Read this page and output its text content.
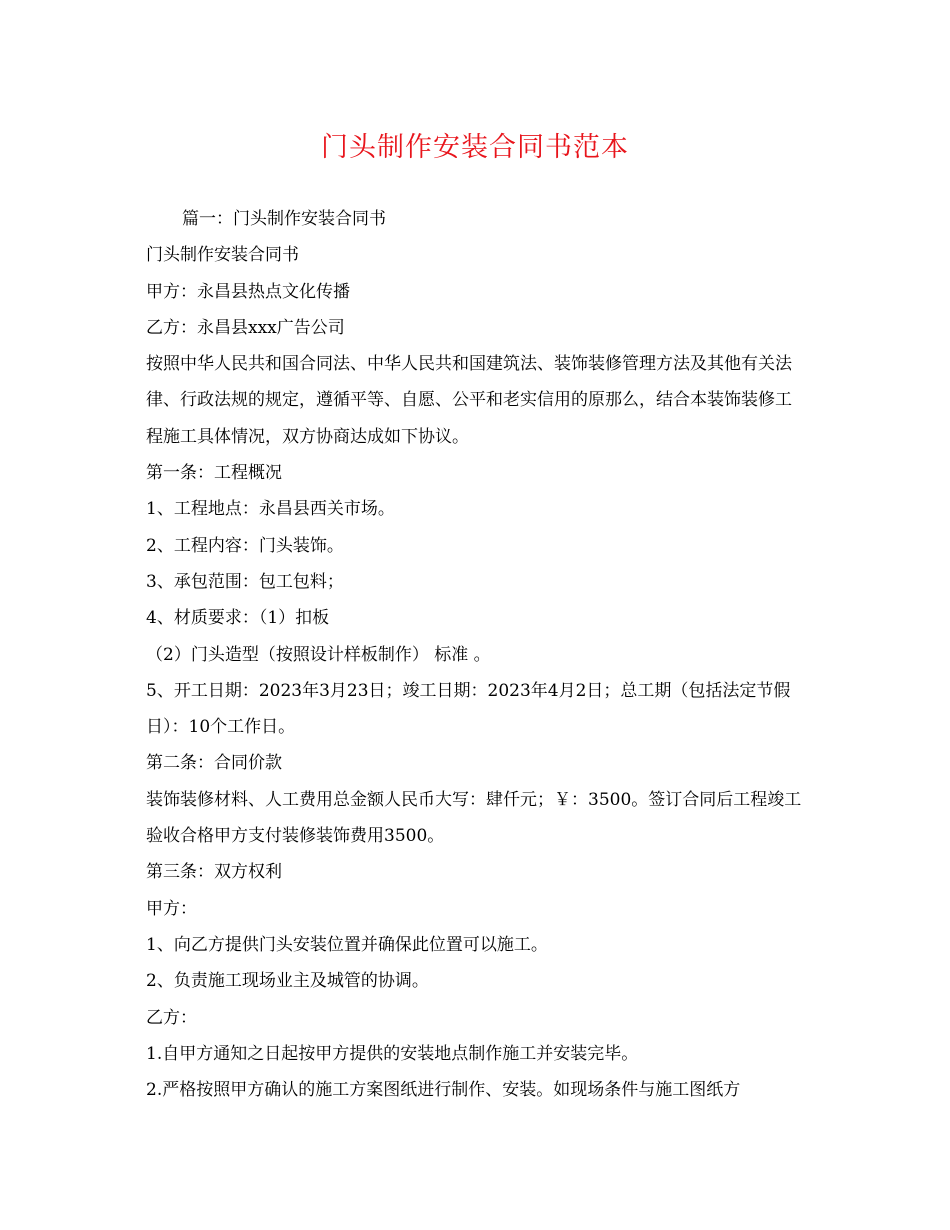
门头制作安装合同书范本

篇一：门头制作安装合同书

门头制作安装合同书

甲方：永昌县热点文化传播

乙方：永昌县xxx广告公司

按照中华人民共和国合同法、中华人民共和国建筑法、装饰装修管理方法及其他有关法律、行政法规的规定，遵循平等、自愿、公平和老实信用的原那么，结合本装饰装修工程施工具体情况，双方协商达成如下协议。

第一条：工程概况

1、工程地点：永昌县西关市场。

2、工程内容：门头装饰。

3、承包范围：包工包料；

4、材质要求：（1）扣板

（2）门头造型（按照设计样板制作） 标准 。

5、开工日期：2023年3月23日；竣工日期：2023年4月2日；总工期（包括法定节假日）：10个工作日。

第二条：合同价款

装饰装修材料、人工费用总金额人民币大写：肆仟元；￥：3500。签订合同后工程竣工验收合格甲方支付装修装饰费用3500。

第三条：双方权利

甲方：

1、向乙方提供门头安装位置并确保此位置可以施工。

2、负责施工现场业主及城管的协调。

乙方：

1.自甲方通知之日起按甲方提供的安装地点制作施工并安装完毕。

2.严格按照甲方确认的施工方案图纸进行制作、安装。如现场条件与施工图纸方
